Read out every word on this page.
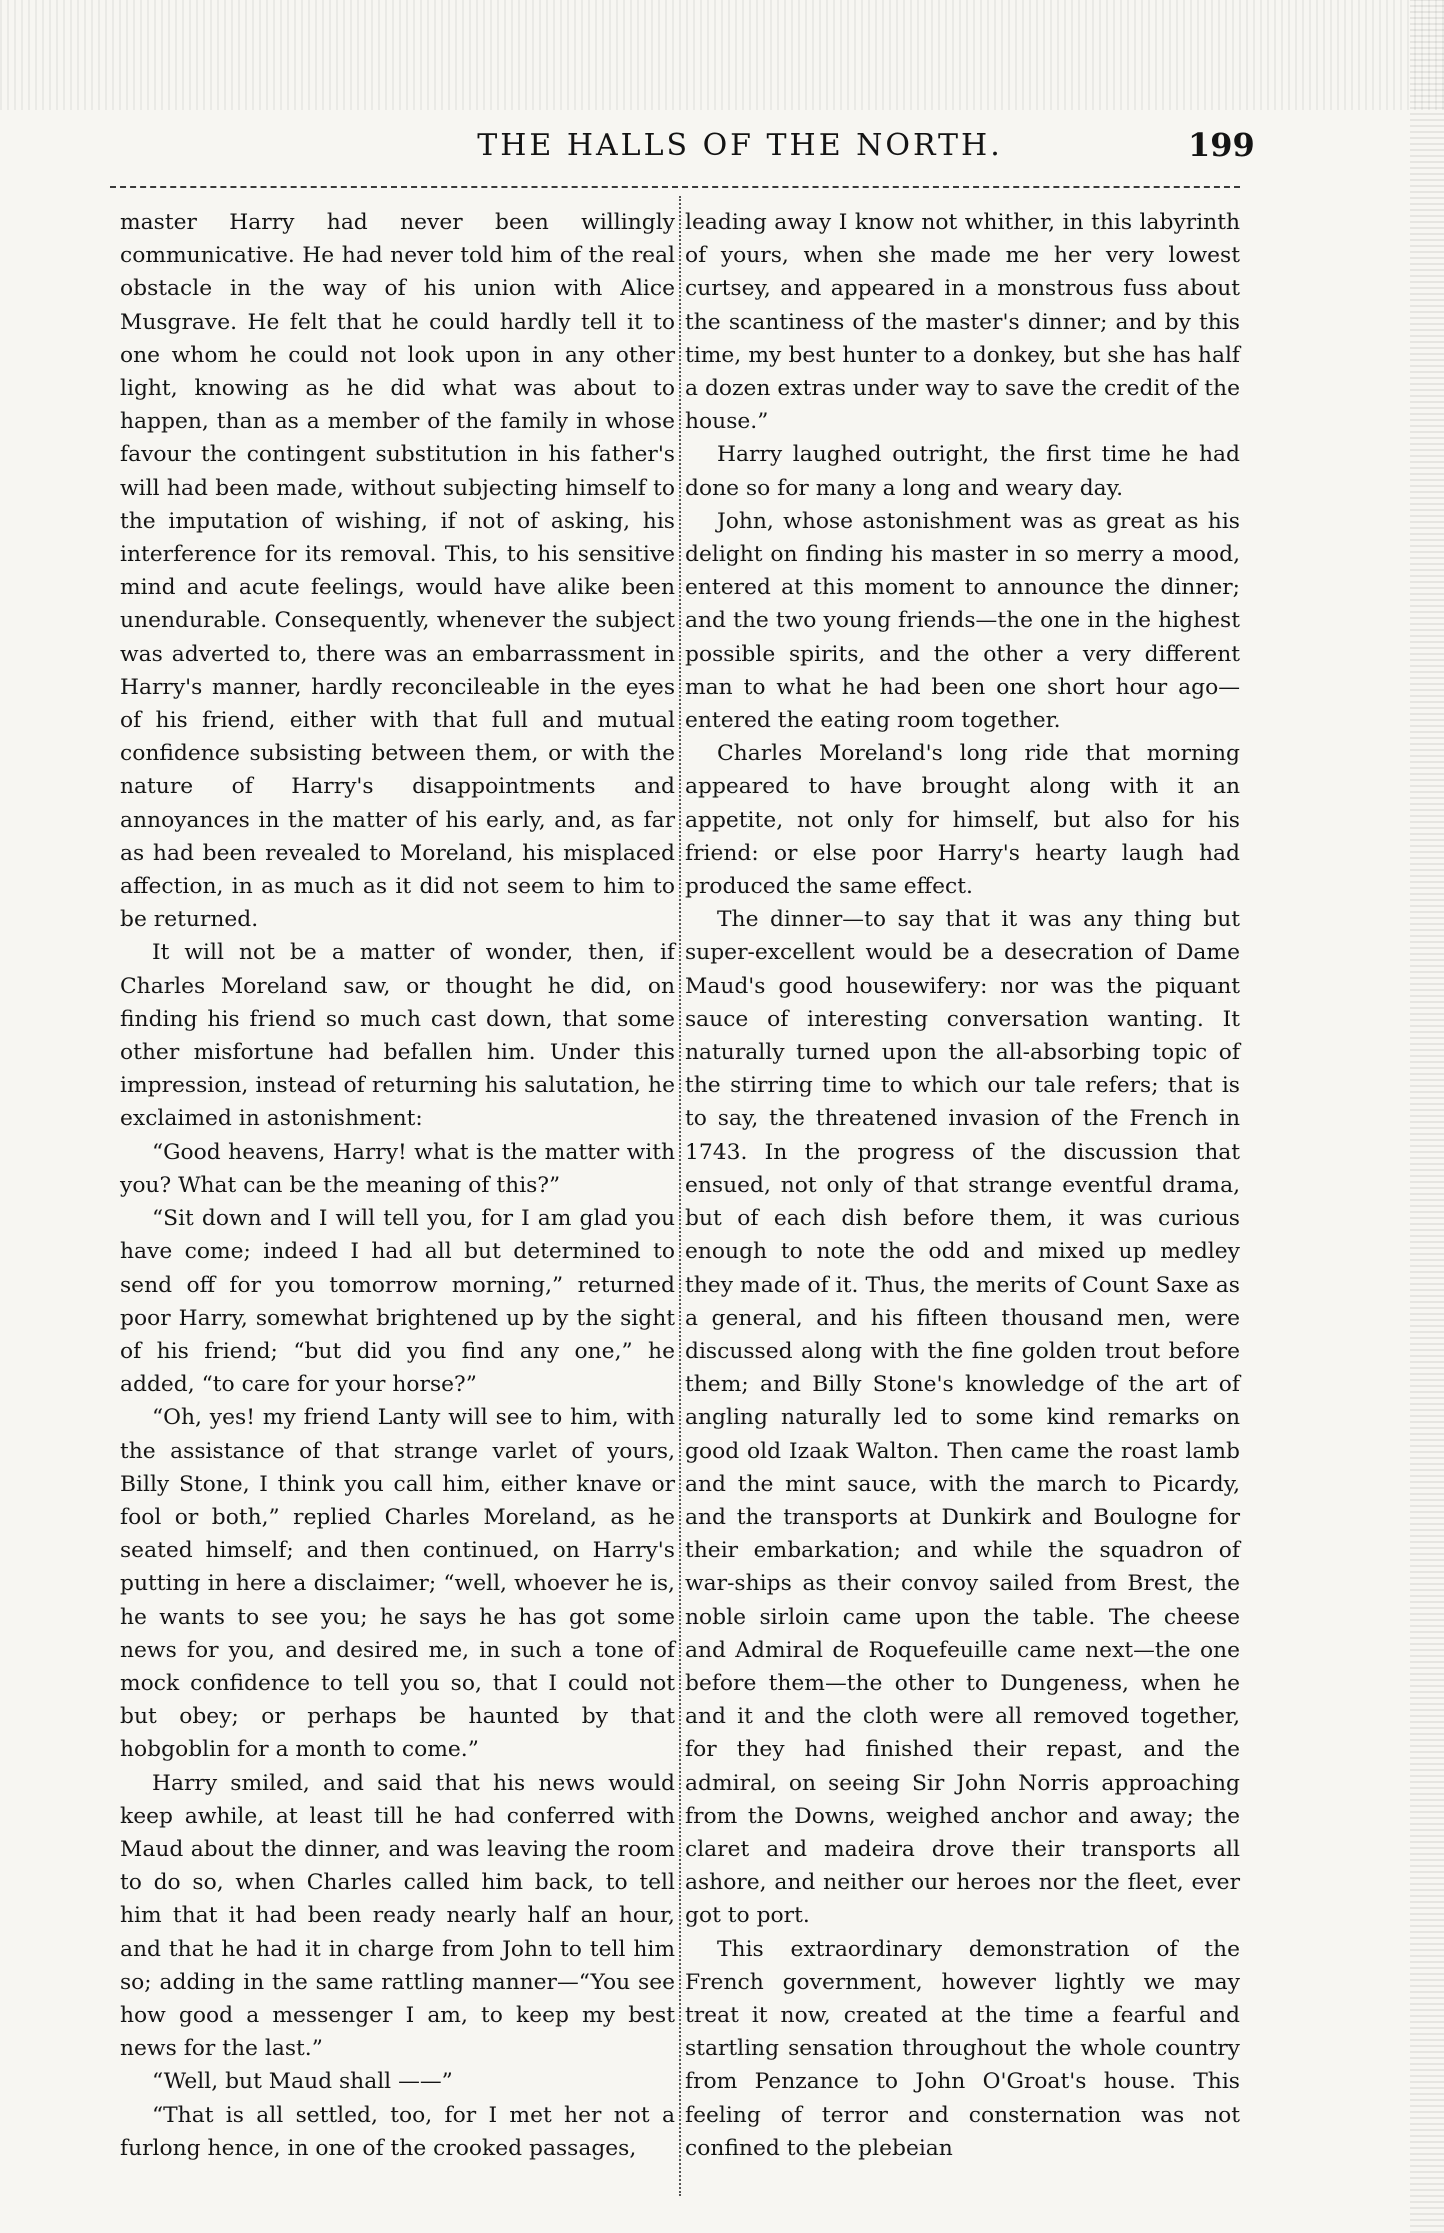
THE HALLS OF THE NORTH.	199

master Harry had never been willingly communicative. He had never told him of the real obstacle in the way of his union with Alice Musgrave. He felt that he could hardly tell it to one whom he could not look upon in any other light, knowing as he did what was about to happen, than as a member of the family in whose favour the contingent substitution in his father's will had been made, without subjecting himself to the imputation of wishing, if not of asking, his interference for its removal. This, to his sensitive mind and acute feelings, would have alike been unendurable. Consequently, whenever the subject was adverted to, there was an embarrassment in Harry's manner, hardly reconcileable in the eyes of his friend, either with that full and mutual confidence subsisting between them, or with the nature of Harry's disappointments and annoyances in the matter of his early, and, as far as had been revealed to Moreland, his misplaced affection, in as much as it did not seem to him to be returned.

It will not be a matter of wonder, then, if Charles Moreland saw, or thought he did, on finding his friend so much cast down, that some other misfortune had befallen him. Under this impression, instead of returning his salutation, he exclaimed in astonishment:

“Good heavens, Harry! what is the matter with you? What can be the meaning of this?”

“Sit down and I will tell you, for I am glad you have come; indeed I had all but determined to send off for you tomorrow morning,” returned poor Harry, somewhat brightened up by the sight of his friend; “but did you find any one,” he added, “to care for your horse?”

“Oh, yes! my friend Lanty will see to him, with the assistance of that strange varlet of yours, Billy Stone, I think you call him, either knave or fool or both,” replied Charles Moreland, as he seated himself; and then continued, on Harry's putting in here a disclaimer; “well, whoever he is, he wants to see you; he says he has got some news for you, and desired me, in such a tone of mock confidence to tell you so, that I could not but obey; or perhaps be haunted by that hobgoblin for a month to come.”

Harry smiled, and said that his news would keep awhile, at least till he had conferred with Maud about the dinner, and was leaving the room to do so, when Charles called him back, to tell him that it had been ready nearly half an hour, and that he had it in charge from John to tell him so; adding in the same rattling manner—“You see how good a messenger I am, to keep my best news for the last.”

“Well, but Maud shall ——”

“That is all settled, too, for I met her not a furlong hence, in one of the crooked passages,

leading away I know not whither, in this labyrinth of yours, when she made me her very lowest curtsey, and appeared in a monstrous fuss about the scantiness of the master's dinner; and by this time, my best hunter to a donkey, but she has half a dozen extras under way to save the credit of the house.”

Harry laughed outright, the first time he had done so for many a long and weary day.

John, whose astonishment was as great as his delight on finding his master in so merry a mood, entered at this moment to announce the dinner; and the two young friends—the one in the highest possible spirits, and the other a very different man to what he had been one short hour ago—entered the eating room together.

Charles Moreland's long ride that morning appeared to have brought along with it an appetite, not only for himself, but also for his friend: or else poor Harry's hearty laugh had produced the same effect.

The dinner—to say that it was any thing but super-excellent would be a desecration of Dame Maud's good housewifery: nor was the piquant sauce of interesting conversation wanting. It naturally turned upon the all-absorbing topic of the stirring time to which our tale refers; that is to say, the threatened invasion of the French in 1743. In the progress of the discussion that ensued, not only of that strange eventful drama, but of each dish before them, it was curious enough to note the odd and mixed up medley they made of it. Thus, the merits of Count Saxe as a general, and his fifteen thousand men, were discussed along with the fine golden trout before them; and Billy Stone's knowledge of the art of angling naturally led to some kind remarks on good old Izaak Walton. Then came the roast lamb and the mint sauce, with the march to Picardy, and the transports at Dunkirk and Boulogne for their embarkation; and while the squadron of war-ships as their convoy sailed from Brest, the noble sirloin came upon the table. The cheese and Admiral de Roquefeuille came next—the one before them—the other to Dungeness, when he and it and the cloth were all removed together, for they had finished their repast, and the admiral, on seeing Sir John Norris approaching from the Downs, weighed anchor and away; the claret and madeira drove their transports all ashore, and neither our heroes nor the fleet, ever got to port.

This extraordinary demonstration of the French government, however lightly we may treat it now, created at the time a fearful and startling sensation throughout the whole country from Penzance to John O'Groat's house. This feeling of terror and consternation was not confined to the plebeian
